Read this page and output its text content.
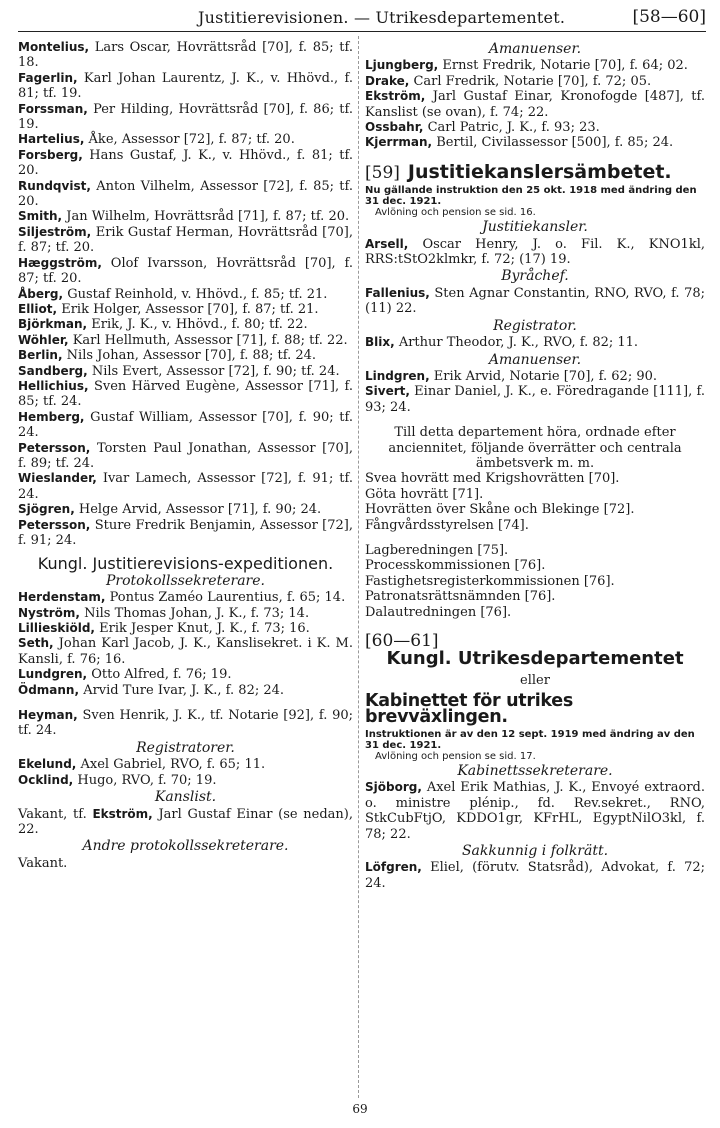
Justitierevisionen. — Utrikesdepartementet.	[58—60]
Montelius, Lars Oscar, Hovrättsråd [70], f. 85; tf. 18.
Fagerlin, Karl Johan Laurentz, J. K., v. Hhövd., f. 81; tf. 19.
Forssman, Per Hilding, Hovrättsråd [70], f. 86; tf. 19.
Hartelius, Åke, Assessor [72], f. 87; tf. 20.
Forsberg, Hans Gustaf, J. K., v. Hhövd., f. 81; tf. 20.
Rundqvist, Anton Vilhelm, Assessor [72], f. 85; tf. 20.
Smith, Jan Wilhelm, Hovrättsråd [71], f. 87; tf. 20.
Siljeström, Erik Gustaf Herman, Hovrättsråd [70], f. 87; tf. 20.
Hæggström, Olof Ivarsson, Hovrättsråd [70], f. 87; tf. 20.
Åberg, Gustaf Reinhold, v. Hhövd., f. 85; tf. 21.
Elliot, Erik Holger, Assessor [70], f. 87; tf. 21.
Björkman, Erik, J. K., v. Hhövd., f. 80; tf. 22.
Wöhler, Karl Hellmuth, Assessor [71], f. 88; tf. 22.
Berlin, Nils Johan, Assessor [70], f. 88; tf. 24.
Sandberg, Nils Evert, Assessor [72], f. 90; tf. 24.
Hellichius, Sven Härved Eugène, Assessor [71], f. 85; tf. 24.
Hemberg, Gustaf William, Assessor [70], f. 90; tf. 24.
Petersson, Torsten Paul Jonathan, Assessor [70], f. 89; tf. 24.
Wieslander, Ivar Lamech, Assessor [72], f. 91; tf. 24.
Sjögren, Helge Arvid, Assessor [71], f. 90; 24.
Petersson, Sture Fredrik Benjamin, Assessor [72], f. 91; 24.
Kungl. Justitierevisions-expeditionen.
Protokollssekreterare.
Herdenstam, Pontus Zaméo Laurentius, f. 65; 14.
Nyström, Nils Thomas Johan, J. K., f. 73; 14.
Lillieskiöld, Erik Jesper Knut, J. K., f. 73; 16.
Seth, Johan Karl Jacob, J. K., Kanslisekret. i K. M. Kansli, f. 76; 16.
Lundgren, Otto Alfred, f. 76; 19.
Ödmann, Arvid Ture Ivar, J. K., f. 82; 24.
Heyman, Sven Henrik, J. K., tf. Notarie [92], f. 90; tf. 24.
Registratorer.
Ekelund, Axel Gabriel, RVO, f. 65; 11.
Ocklind, Hugo, RVO, f. 70; 19.
Kanslist.
Vakant, tf. Ekström, Jarl Gustaf Einar (se nedan), 22.
Andre protokollssekreterare.
Vakant.
Amanuenser.
Ljungberg, Ernst Fredrik, Notarie [70], f. 64; 02.
Drake, Carl Fredrik, Notarie [70], f. 72; 05.
Ekström, Jarl Gustaf Einar, Kronofogde [487], tf. Kanslist (se ovan), f. 74; 22.
Ossbahr, Carl Patric, J. K., f. 93; 23.
Kjerrman, Bertil, Civilassessor [500], f. 85; 24.
[59] Justitiekanslersämbetet.
Nu gällande instruktion den 25 okt. 1918 med ändring den 31 dec. 1921.
Avlöning och pension se sid. 16.
Justitiekansler.
Arsell, Oscar Henry, J. o. Fil. K., KNO1kl, RRS:tStO2klmkr, f. 72; (17) 19.
Byråchef.
Fallenius, Sten Agnar Constantin, RNO, RVO, f. 78; (11) 22.
Registrator.
Blix, Arthur Theodor, J. K., RVO, f. 82; 11.
Amanuenser.
Lindgren, Erik Arvid, Notarie [70], f. 62; 90.
Sivert, Einar Daniel, J. K., e. Föredragande [111], f. 93; 24.
Till detta departement höra, ordnade efter anciennitet, följande överrätter och centrala ämbetsverk m. m.
Svea hovrätt med Krigshovrätten [70].
Göta hovrätt [71].
Hovrätten över Skåne och Blekinge [72].
Fångvårdsstyrelsen [74].
Lagberedningen [75].
Processkommissionen [76].
Fastighetsregisterkommissionen [76].
Patronatsrättsnämnden [76].
Dalautredningen [76].
[60—61]
Kungl. Utrikesdepartementet
eller
Kabinettet för utrikes brevväxlingen.
Instruktionen är av den 12 sept. 1919 med ändring av den 31 dec. 1921.
Avlöning och pension se sid. 17.
Kabinettssekreterare.
Sjöborg, Axel Erik Mathias, J. K., Envoyé extraord. o. ministre plénip., fd. Rev.sekret., RNO, StkCubFtjO, KDDO1gr, KFrHL, EgyptNilO3kl, f. 78; 22.
Sakkunnig i folkrätt.
Löfgren, Eliel, (förutv. Statsråd), Advokat, f. 72; 24.
69
